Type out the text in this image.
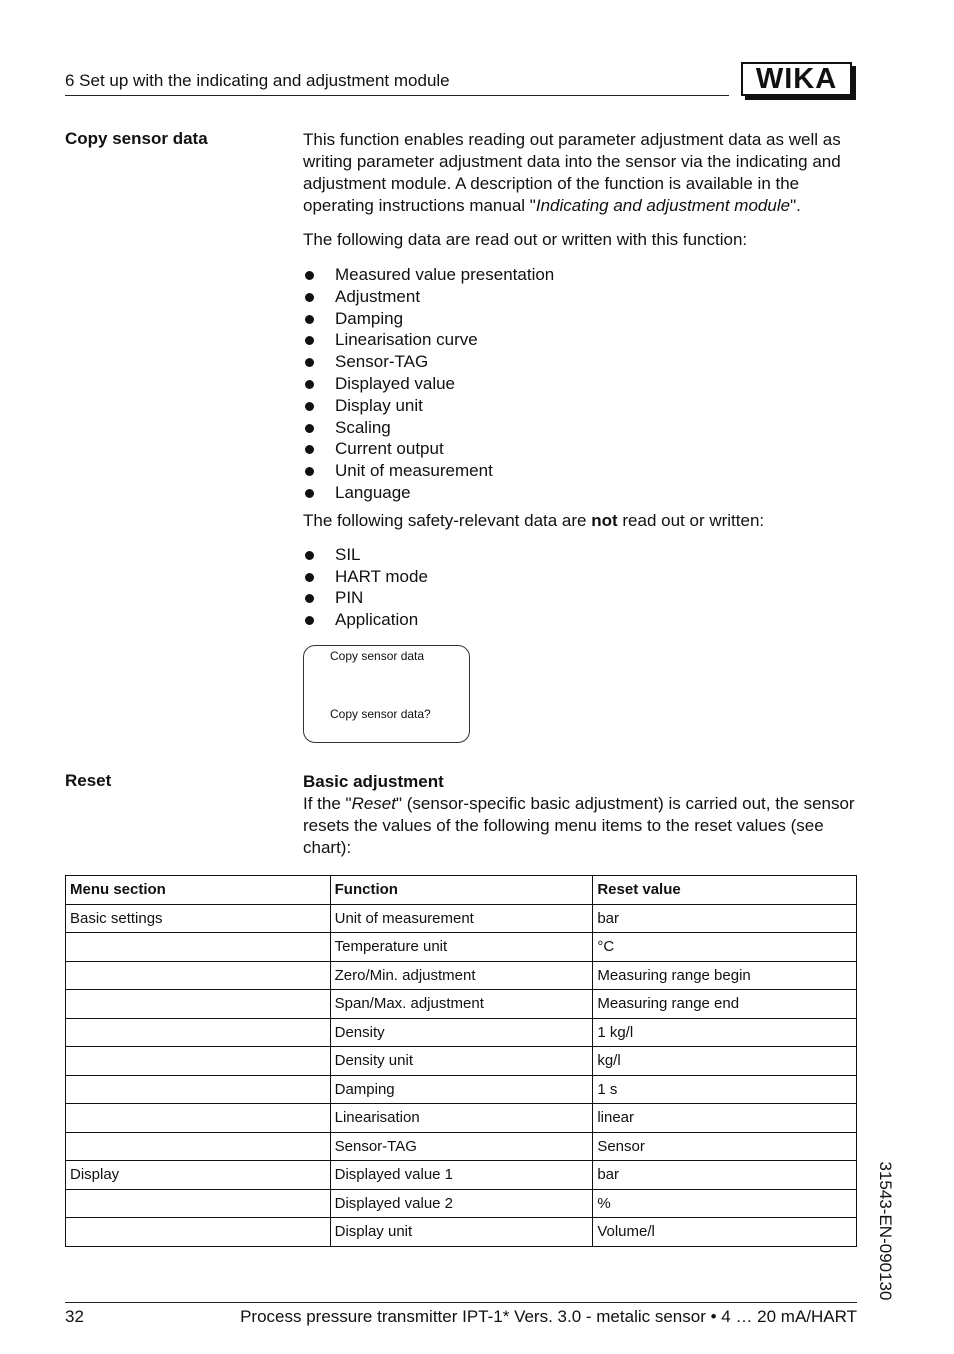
6 Set up with the indicating and adjustment module	WIKA
Copy sensor data	This function enables reading out parameter adjustment data as well as writing parameter adjustment data into the sensor via the indicating and adjustment module. A description of the function is available in the operating instructions manual "Indicating and adjustment module".

The following data are read out or written with this function:

Measured value presentation
Adjustment
Damping
Linearisation curve
Sensor-TAG
Displayed value
Display unit
Scaling
Current output
Unit of measurement
Language

The following safety-relevant data are not read out or written:

SIL
HART mode
PIN
Application
Copy sensor data
Copy sensor data?
Reset	Basic adjustment

If the "Reset" (sensor-specific basic adjustment) is carried out, the sensor resets the values of the following menu items to the reset values (see chart):

Menu section	Function	Reset value
Basic settings	Unit of measurement	bar
	Temperature unit	°C
	Zero/Min. adjustment	Measuring range begin
	Span/Max. adjustment	Measuring range end
	Density	1 kg/l
	Density unit	kg/l
	Damping	1 s
	Linearisation	linear
	Sensor-TAG	Sensor
Display	Displayed value 1	bar
	Displayed value 2	%
	Display unit	Volume/l	31543-EN-090130
32	Process pressure transmitter IPT-1* Vers. 3.0 - metalic sensor • 4 … 20 mA/HART
